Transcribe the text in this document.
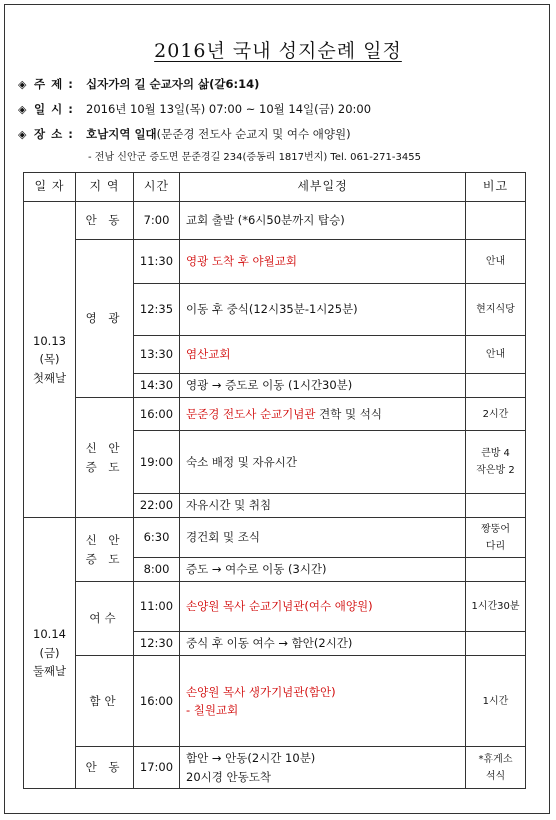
2016년 국내 성지순례 일정
◈ 주 제 : 십자가의 길 순교자의 삶(갈6:14)
◈ 일 시 : 2016년 10월 13일(목) 07:00 ~ 10월 14일(금) 20:00
◈ 장 소 : 호남지역 일대(문준경 전도사 순교지 및 여수 애양원)
- 전남 신안군 증도면 문준경길 234(증동리 1817번지) Tel. 061-271-3455
일 자	지 역	시간	세부일정	비고

10.13
(목)
첫째날	안 동	7:00	교회 출발 (*6시50분까지 탑승)	
	영 광	11:30	영광 도착 후 야월교회	안내
		12:35	이동 후 중식(12시35분-1시25분)	현지식당
		13:30	염산교회	안내
		14:30	영광 → 증도로 이동 (1시간30분)	

	신 안
증 도	16:00	문준경 전도사 순교기념관 견학 및 석식	2시간
		19:00	숙소 배정 및 자유시간	큰방 4
작은방 2

		22:00	자유시간 및 취침	

10.14
(금)
둘째날	신 안
증 도	6:30	경건회 및 조식	짱뚱어
다리

		8:00	증도 → 여수로 이동 (3시간)	
	여수	11:00	손양원 목사 순교기념관(여수 애양원)	1시간30분
		12:30	중식 후 이동 여수 → 함안(2시간)	
	함안	16:00	손양원 목사 생가기념관(함안)
- 칠원교회	1시간
	안 동	17:00	함안 → 안동(2시간 10분)
20시경 안동도착	*휴게소
석식
